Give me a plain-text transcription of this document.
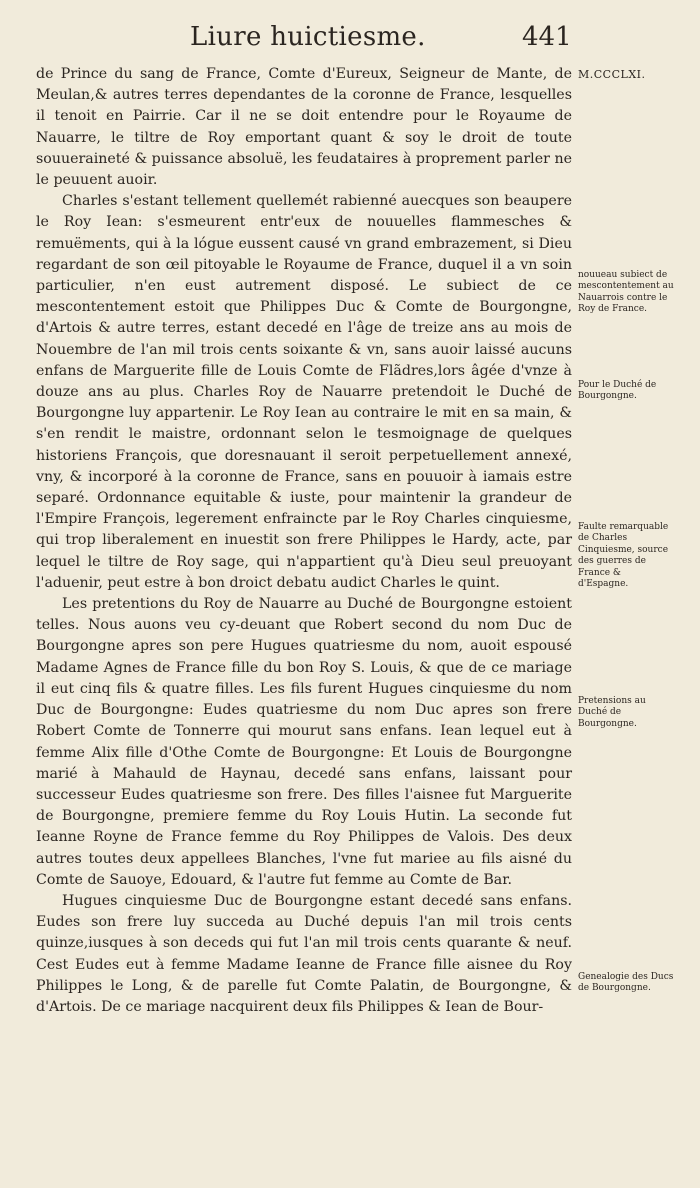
Liure huictiesme.	441
M.CCCLXI.

de Prince du sang de France, Comte d'Eureux, Seigneur de Mante, de Meulan,& autres terres dependantes de la coronne de France, lesquelles il tenoit en Pairrie. Car il ne se doit entendre pour le Royaume de Nauarre, le tiltre de Roy emportant quant & soy le droit de toute souueraineté & puissance absoluë, les feudataires à proprement parler ne le peuuent auoir.

Charles s'estant tellement quellemét rabienné auecques son beaupere le Roy Iean: s'esmeurent entr'eux de nouuelles flammesches & remuëments, qui à la lógue eussent causé vn grand embrazement, si Dieu regardant de son œil pitoyable le Royaume de France, duquel il a vn soin particulier, n'en eust autrement disposé. Le subiect de ce mescontentement estoit que Philippes Duc & Comte de Bourgongne, d'Artois & autre terres, estant decedé en l'âge de treize ans au mois de Nouembre de l'an mil trois cents soixante & vn, sans auoir laissé aucuns enfans de Marguerite fille de Louis Comte de Flãdres,lors âgée d'vnze à douze ans au plus. Charles Roy de Nauarre pretendoit le Duché de Bourgongne luy appartenir. Le Roy Iean au contraire le mit en sa main, & s'en rendit le maistre, ordonnant selon le tesmoignage de quelques historiens François, que doresnauant il seroit perpetuellement annexé, vny, & incorporé à la coronne de France, sans en pouuoir à iamais estre separé. Ordonnance equitable & iuste, pour maintenir la grandeur de l'Empire François, legerement enfraincte par le Roy Charles cinquiesme, qui trop liberalement en inuestit son frere Philippes le Hardy, acte, par lequel le tiltre de Roy sage, qui n'appartient qu'à Dieu seul preuoyant l'aduenir, peut estre à bon droict debatu audict Charles le quint.

Les pretentions du Roy de Nauarre au Duché de Bourgongne estoient telles. Nous auons veu cy-deuant que Robert second du nom Duc de Bourgongne apres son pere Hugues quatriesme du nom, auoit espousé Madame Agnes de France fille du bon Roy S. Louis, & que de ce mariage il eut cinq fils & quatre filles. Les fils furent Hugues cinquiesme du nom Duc de Bourgongne: Eudes quatriesme du nom Duc apres son frere Robert Comte de Tonnerre qui mourut sans enfans. Iean lequel eut à femme Alix fille d'Othe Comte de Bourgongne: Et Louis de Bourgongne marié à Mahauld de Haynau, decedé sans enfans, laissant pour successeur Eudes quatriesme son frere. Des filles l'aisnee fut Marguerite de Bourgongne, premiere femme du Roy Louis Hutin. La seconde fut Ieanne Royne de France femme du Roy Philippes de Valois. Des deux autres toutes deux appellees Blanches, l'vne fut mariee au fils aisné du Comte de Sauoye, Edouard, & l'autre fut femme au Comte de Bar.

Hugues cinquiesme Duc de Bourgongne estant decedé sans enfans. Eudes son frere luy succeda au Duché depuis l'an mil trois cents quinze,iusques à son deceds qui fut l'an mil trois cents quarante & neuf. Cest Eudes eut à femme Madame Ieanne de France fille aisnee du Roy Philippes le Long, & de parelle fut Comte Palatin, de Bourgongne, & d'Artois. De ce mariage nacquirent deux fils Philippes & Iean de Bour-

nouueau subiect de mescontentement au Nauarrois contre le Roy de France.
Pour le Duché de Bourgongne.
Faulte remarquable de Charles Cinquiesme, source des guerres de France & d'Espagne.
Pretensions au Duché de Bourgongne.
Genealogie des Ducs de Bourgongne.
